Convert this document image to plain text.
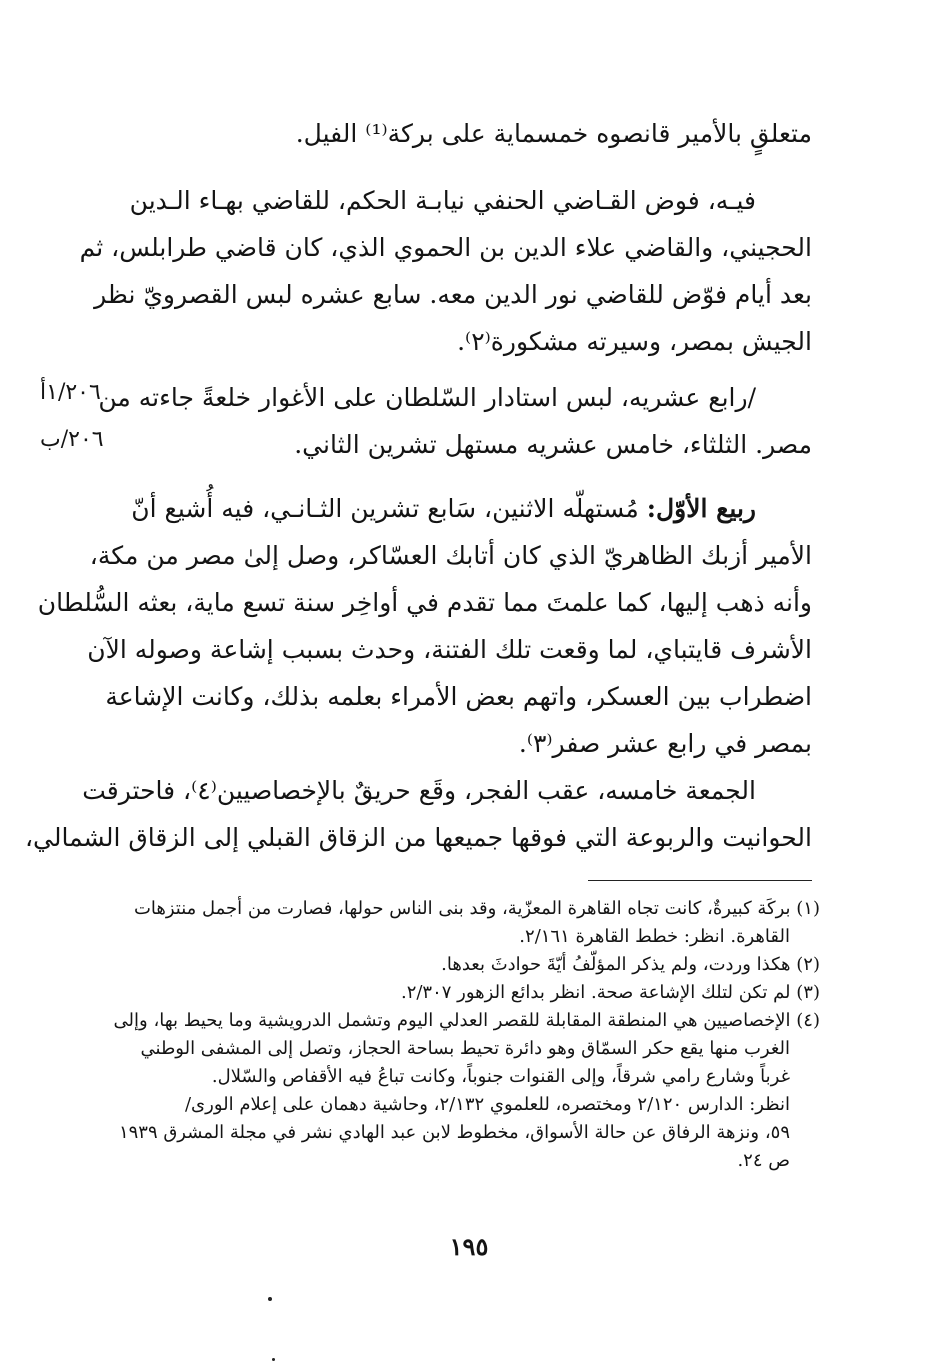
متعلقٍ بالأمير قانصوه خمسماية على بركة⁽¹⁾ الفيل.
فيـه، فوض القـاضي الحنفي نيابـة الحكم، للقاضي بهـاء الـدين
الحجيني، والقاضي علاء الدين بن الحموي الذي، كان قاضي طرابلس، ثم
بعد أيام فوّض للقاضي نور الدين معه. سابع عشره لبس القصرويّ نظر
الجيش بمصر، وسيرته مشكورة⁽٢⁾.
/رابع عشريه، لبس استادار السّلطان على الأغوار خلعةً جاءته من
مصر. الثلثاء، خامس عشريه مستهل تشرين الثاني.
١/٢٠٦أ
٢٠٦/ب
ربيع الأوّل: مُستهلّه الاثنين، سَابع تشرين الثـانـي، فيه أُشيع أنّ
الأمير أزبك الظاهريّ الذي كان أتابك العسّاكر، وصل إلىٰ مصر من مكة،
وأنه ذهب إليها، كما علمتَ مما تقدم في أواخِر سنة تسع ماية، بعثه السُّلطان
الأشرف قايتباي، لما وقعت تلك الفتنة، وحدث بسبب إشاعة وصوله الآن
اضطراب بين العسكر، واتهم بعض الأمراء بعلمه بذلك، وكانت الإشاعة
بمصر في رابع عشر صفر⁽٣⁾.
الجمعة خامسه، عقب الفجر، وقَع حريقٌ بالإخصاصيين⁽٤⁾، فاحترقت
الحوانيت والربوعة التي فوقها جميعها من الزقاق القبلي إلى الزقاق الشمالي،
(١) بركَة كبيرةٌ، كانت تجاه القاهرة المعزّية، وقد بنى الناس حولها، فصارت من أجمل منتزهات
القاهرة. انظر: خطط القاهرة ٢/١٦١.
(٢) هكذا وردت، ولم يذكر المؤلّفُ أيّةَ حوادثَ بعدها.
(٣) لم تكن لتلك الإشاعة صحة. انظر بدائع الزهور ٢/٣٠٧.
(٤) الإخصاصيين هي المنطقة المقابلة للقصر العدلي اليوم وتشمل الدرويشية وما يحيط بها، وإلى
الغرب منها يقع حكر السمّاق وهو دائرة تحيط بساحة الحجاز، وتصل إلى المشفى الوطني
غرباً وشارع رامي شرقاً، وإلى القنوات جنوباً، وكانت تباعُ فيه الأقفاص والسّلال.
انظر: الدارس ٢/١٢٠ ومختصره، للعلموي ٢/١٣٢، وحاشية دهمان على إعلام الورى/
٥٩، ونزهة الرفاق عن حالة الأسواق، مخطوط لابن عبد الهادي نشر في مجلة المشرق ١٩٣٩
ص ٢٤.
١٩٥
